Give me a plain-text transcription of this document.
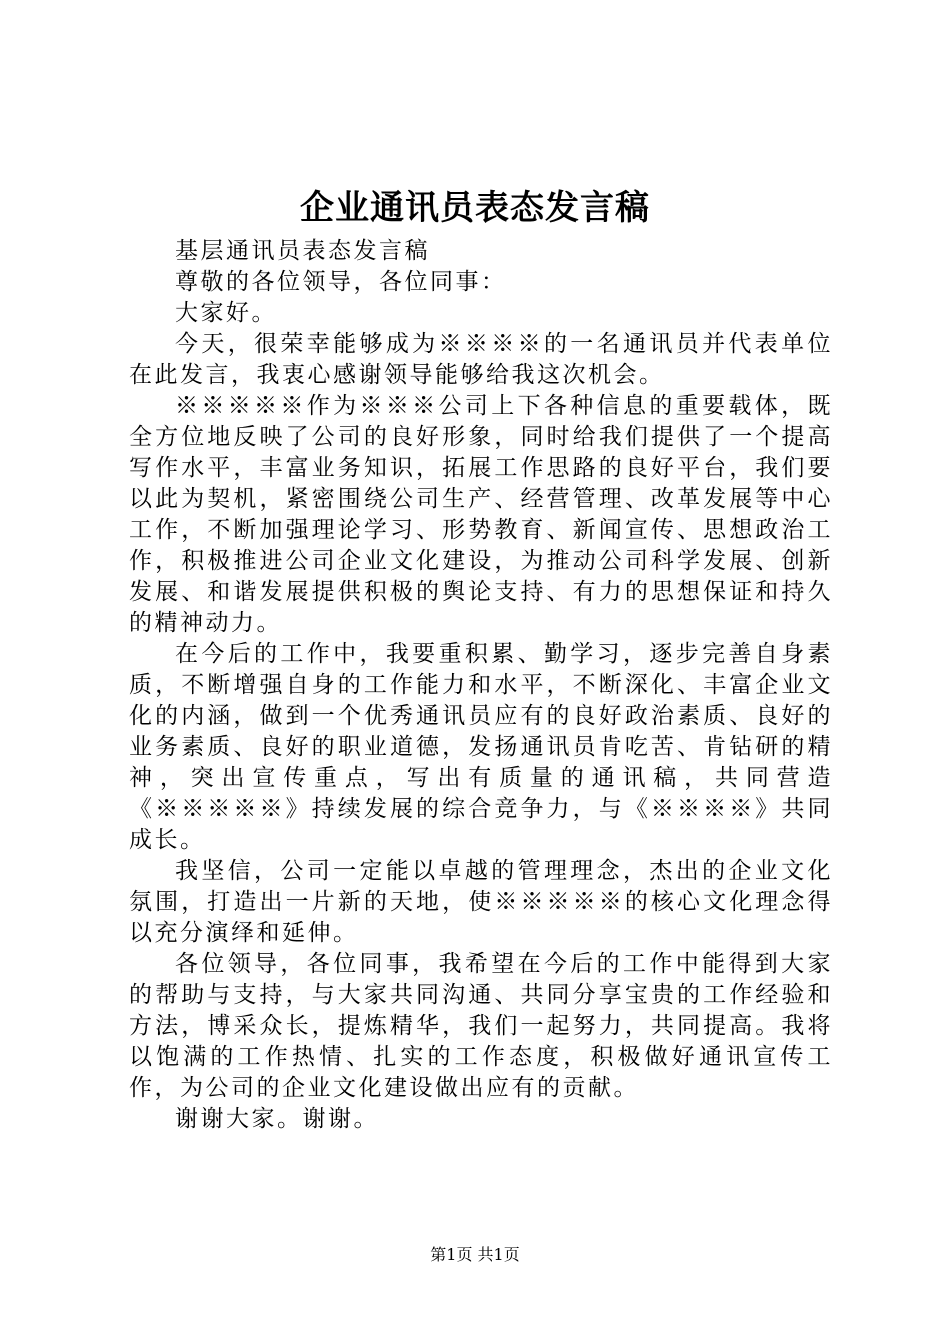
企业通讯员表态发言稿

基层通讯员表态发言稿

尊敬的各位领导，各位同事：

大家好。

今天，很荣幸能够成为※※※※的一名通讯员并代表单位在此发言，我衷心感谢领导能够给我这次机会。

※※※※※作为※※※公司上下各种信息的重要载体，既全方位地反映了公司的良好形象，同时给我们提供了一个提高写作水平，丰富业务知识，拓展工作思路的良好平台，我们要以此为契机，紧密围绕公司生产、经营管理、改革发展等中心工作，不断加强理论学习、形势教育、新闻宣传、思想政治工作，积极推进公司企业文化建设，为推动公司科学发展、创新发展、和谐发展提供积极的舆论支持、有力的思想保证和持久的精神动力。

在今后的工作中，我要重积累、勤学习，逐步完善自身素质，不断增强自身的工作能力和水平，不断深化、丰富企业文化的内涵，做到一个优秀通讯员应有的良好政治素质、良好的业务素质、良好的职业道德，发扬通讯员肯吃苦、肯钻研的精神，突出宣传重点，写出有质量的通讯稿，共同营造《※※※※※》持续发展的综合竞争力，与《※※※※》共同成长。

我坚信，公司一定能以卓越的管理理念，杰出的企业文化氛围，打造出一片新的天地，使※※※※※的核心文化理念得以充分演绎和延伸。

各位领导，各位同事，我希望在今后的工作中能得到大家的帮助与支持，与大家共同沟通、共同分享宝贵的工作经验和方法，博采众长，提炼精华，我们一起努力，共同提高。我将以饱满的工作热情、扎实的工作态度，积极做好通讯宣传工作，为公司的企业文化建设做出应有的贡献。

谢谢大家。谢谢。

第1页 共1页
